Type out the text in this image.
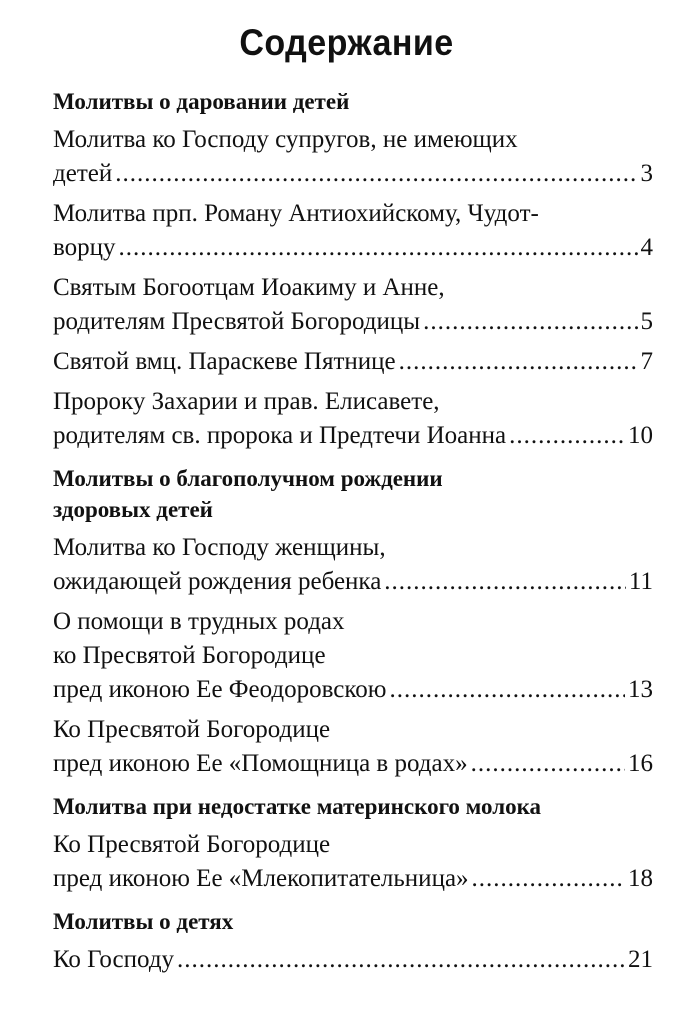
Содержание
Молитвы о даровании детей
Молитва ко Господу супругов, не имеющих
детей .....	3
Молитва прп. Роману Антиохийскому, Чудот-
ворцу .....	4
Святым Богоотцам Иоакиму и Анне,
родителям Пресвятой Богородицы .....	5
Святой вмц. Параскеве Пятнице .....	7
Пророку Захарии и прав. Елисавете,
родителям св. пророка и Предтечи Иоанна .....	10
Молитвы о благополучном рождении
здоровых детей
Молитва ко Господу женщины,
ожидающей рождения ребенка .....	11
О помощи в трудных родах
ко Пресвятой Богородице
пред иконою Ее Феодоровскою .....	13
Ко Пресвятой Богородице
пред иконою Ее «Помощница в родах» .....	16
Молитва при недостатке материнского молока
Ко Пресвятой Богородице
пред иконою Ее «Млекопитательница» .....	18
Молитвы о детях
Ко Господу .....	21
